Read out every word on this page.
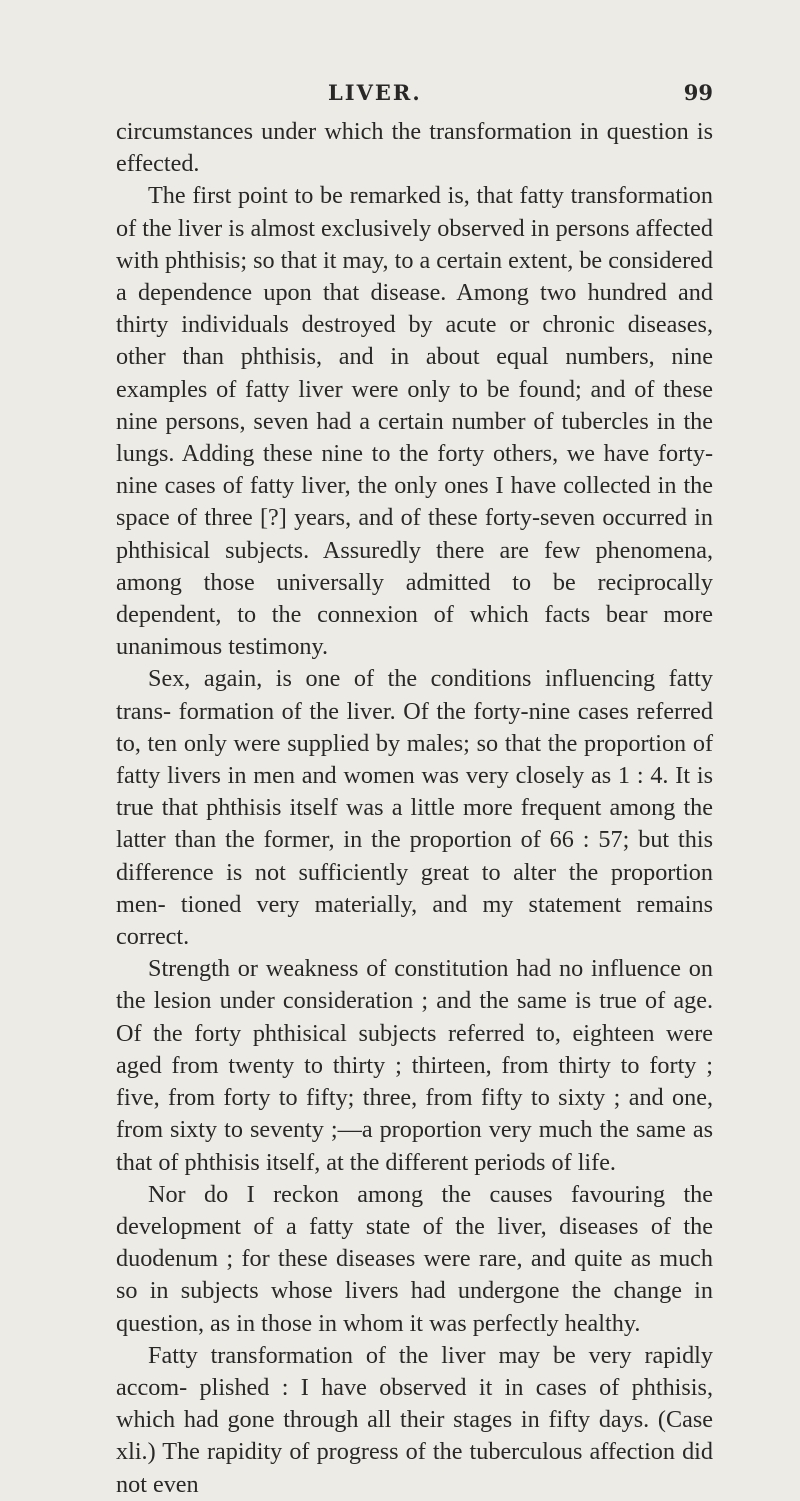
LIVER.	99

circumstances under which the transformation in question is effected.

The first point to be remarked is, that fatty transformation of the liver is almost exclusively observed in persons affected with phthisis; so that it may, to a certain extent, be considered a dependence upon that disease. Among two hundred and thirty individuals destroyed by acute or chronic diseases, other than phthisis, and in about equal numbers, nine examples of fatty liver were only to be found; and of these nine persons, seven had a certain number of tubercles in the lungs. Adding these nine to the forty others, we have forty-nine cases of fatty liver, the only ones I have collected in the space of three [?] years, and of these forty-seven occurred in phthisical subjects. Assuredly there are few phenomena, among those universally admitted to be reciprocally dependent, to the connexion of which facts bear more unanimous testimony.

Sex, again, is one of the conditions influencing fatty trans- formation of the liver. Of the forty-nine cases referred to, ten only were supplied by males; so that the proportion of fatty livers in men and women was very closely as 1 : 4. It is true that phthisis itself was a little more frequent among the latter than the former, in the proportion of 66 : 57; but this difference is not sufficiently great to alter the proportion men- tioned very materially, and my statement remains correct.

Strength or weakness of constitution had no influence on the lesion under consideration ; and the same is true of age. Of the forty phthisical subjects referred to, eighteen were aged from twenty to thirty ; thirteen, from thirty to forty ; five, from forty to fifty; three, from fifty to sixty ; and one, from sixty to seventy ;—a proportion very much the same as that of phthisis itself, at the different periods of life.

Nor do I reckon among the causes favouring the development of a fatty state of the liver, diseases of the duodenum ; for these diseases were rare, and quite as much so in subjects whose livers had undergone the change in question, as in those in whom it was perfectly healthy.

Fatty transformation of the liver may be very rapidly accom- plished : I have observed it in cases of phthisis, which had gone through all their stages in fifty days. (Case xli.) The rapidity of progress of the tuberculous affection did not even
